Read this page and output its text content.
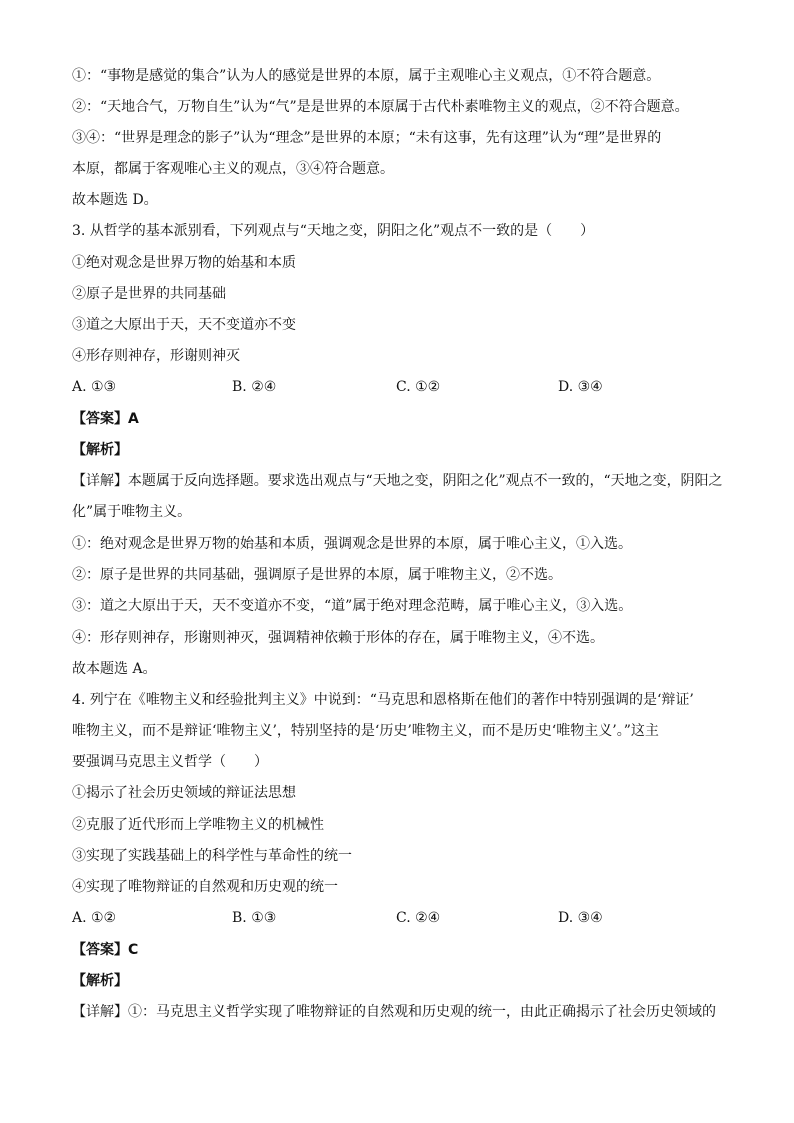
①：“事物是感觉的集合”认为人的感觉是世界的本原，属于主观唯心主义观点，①不符合题意。
②：“天地合气，万物自生”认为“气”是是世界的本原属于古代朴素唯物主义的观点，②不符合题意。
③④：“世界是理念的影子”认为“理念”是世界的本原；“未有这事，先有这理”认为“理”是世界的
本原，都属于客观唯心主义的观点，③④符合题意。
故本题选 D。
3. 从哲学的基本派别看，下列观点与“天地之变，阴阳之化”观点不一致的是（　　）
①绝对观念是世界万物的始基和本质
②原子是世界的共同基础
③道之大原出于天，天不变道亦不变
④形存则神存，形谢则神灭
A. ①③	B. ②④	C. ①②	D. ③④
【答案】A
【解析】
【详解】本题属于反向选择题。要求选出观点与“天地之变，阴阳之化”观点不一致的，“天地之变，阴阳之
化”属于唯物主义。
①：绝对观念是世界万物的始基和本质，强调观念是世界的本原，属于唯心主义，①入选。
②：原子是世界的共同基础，强调原子是世界的本原，属于唯物主义，②不选。
③：道之大原出于天，天不变道亦不变，“道”属于绝对理念范畴，属于唯心主义，③入选。
④：形存则神存，形谢则神灭，强调精神依赖于形体的存在，属于唯物主义，④不选。
故本题选 A。
4. 列宁在《唯物主义和经验批判主义》中说到：“马克思和恩格斯在他们的著作中特别强调的是‘辩证’
唯物主义，而不是辩证‘唯物主义’，特别坚持的是‘历史’唯物主义，而不是历史‘唯物主义’。”这主
要强调马克思主义哲学（　　）
①揭示了社会历史领域的辩证法思想
②克服了近代形而上学唯物主义的机械性
③实现了实践基础上的科学性与革命性的统一
④实现了唯物辩证的自然观和历史观的统一
A. ①②	B. ①③	C. ②④	D. ③④
【答案】C
【解析】
【详解】①：马克思主义哲学实现了唯物辩证的自然观和历史观的统一，由此正确揭示了社会历史领域的
